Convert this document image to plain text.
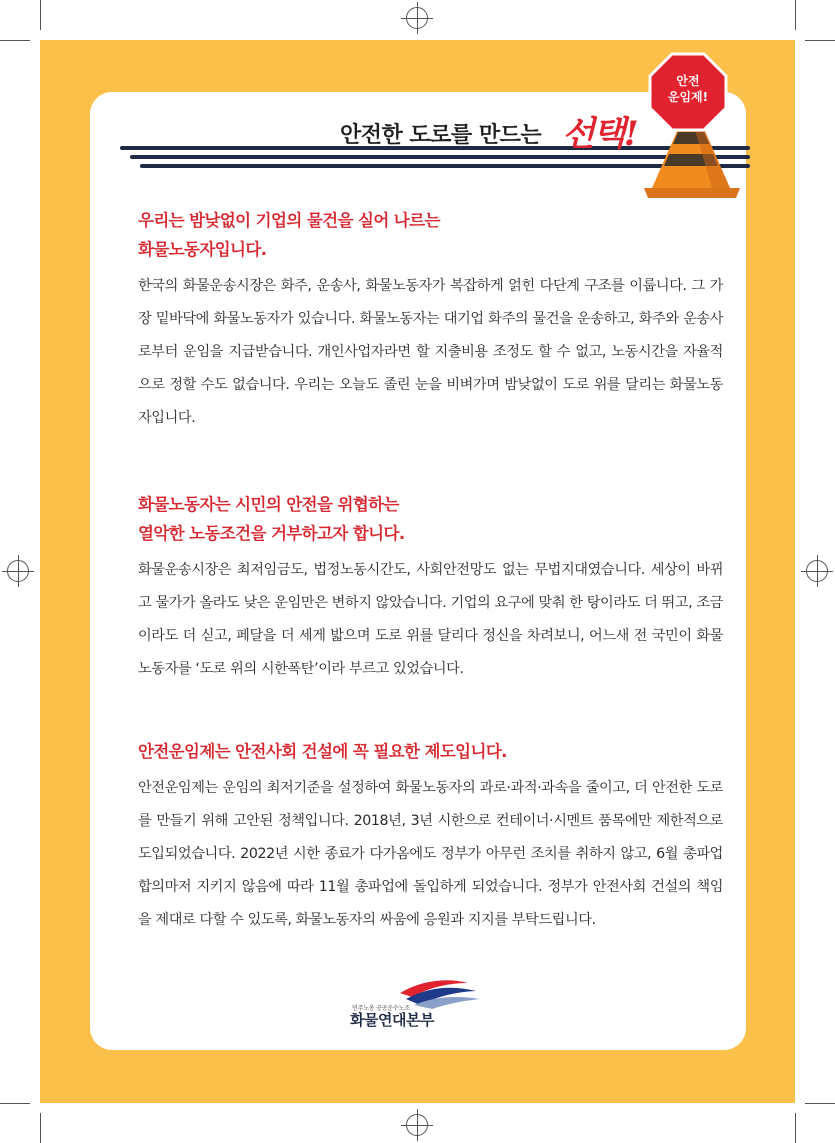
안전
운임제!
안전한 도로를 만드는 선택!
우리는 밤낮없이 기업의 물건을 실어 나르는
화물노동자입니다.
한국의 화물운송시장은 화주, 운송사, 화물노동자가 복잡하게 얽힌 다단계 구조를 이룹니다. 그 가장 밑바닥에 화물노동자가 있습니다. 화물노동자는 대기업 화주의 물건을 운송하고, 화주와 운송사로부터 운임을 지급받습니다. 개인사업자라면 할 지출비용 조정도 할 수 없고, 노동시간을 자율적으로 정할 수도 없습니다. 우리는 오늘도 졸린 눈을 비벼가며 밤낮없이 도로 위를 달리는 화물노동자입니다.
화물노동자는 시민의 안전을 위협하는
열악한 노동조건을 거부하고자 합니다.
화물운송시장은 최저임금도, 법정노동시간도, 사회안전망도 없는 무법지대였습니다. 세상이 바뀌고 물가가 올라도 낮은 운임만은 변하지 않았습니다. 기업의 요구에 맞춰 한 탕이라도 더 뛰고, 조금이라도 더 싣고, 페달을 더 세게 밟으며 도로 위를 달리다 정신을 차려보니, 어느새 전 국민이 화물노동자를 ‘도로 위의 시한폭탄’이라 부르고 있었습니다.
안전운임제는 안전사회 건설에 꼭 필요한 제도입니다.
안전운임제는 운임의 최저기준을 설정하여 화물노동자의 과로·과적·과속을 줄이고, 더 안전한 도로를 만들기 위해 고안된 정책입니다. 2018년, 3년 시한으로 컨테이너·시멘트 품목에만 제한적으로 도입되었습니다. 2022년 시한 종료가 다가옴에도 정부가 아무런 조치를 취하지 않고, 6월 총파업 합의마저 지키지 않음에 따라 11월 총파업에 돌입하게 되었습니다. 정부가 안전사회 건설의 책임을 제대로 다할 수 있도록, 화물노동자의 싸움에 응원과 지지를 부탁드립니다.
민주노총 공공운수노조
화물연대본부
